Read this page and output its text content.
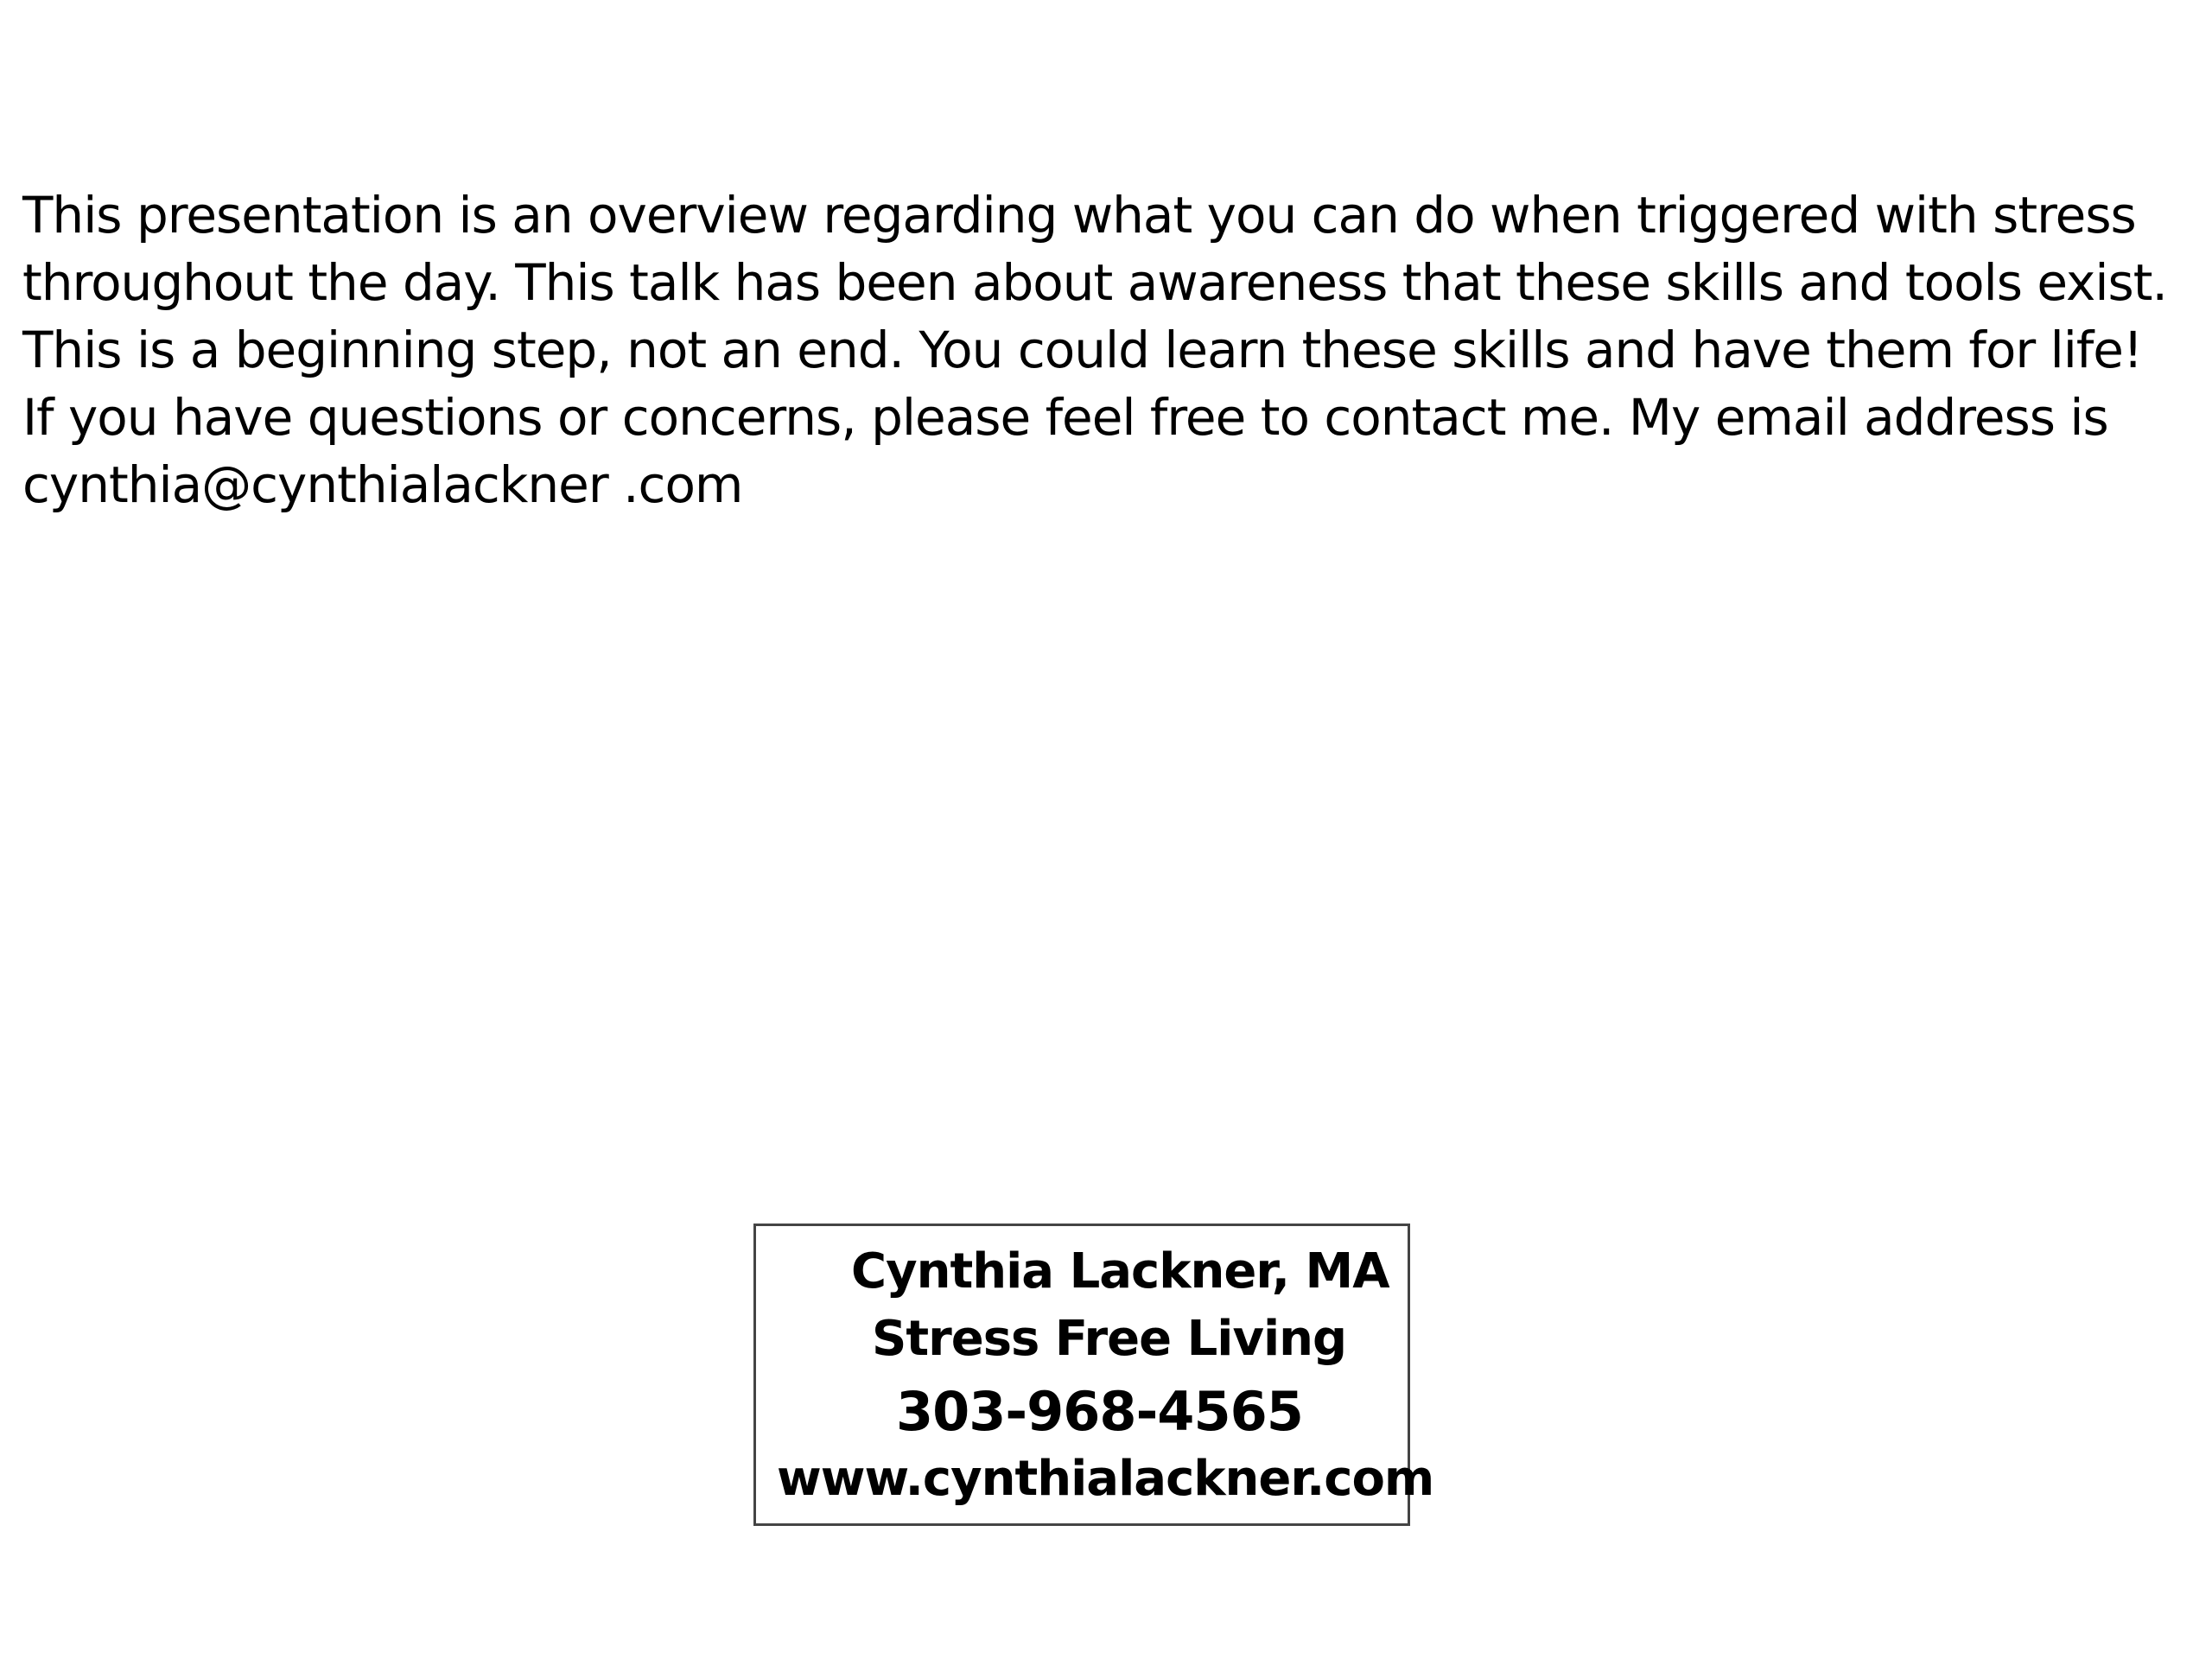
This presentation is an overview regarding what you can do when triggered with stress
throughout the day. This talk has been about awareness that these skills and tools exist.
This is a beginning step, not an end. You could learn these skills and have them for life!
If you have questions or concerns, please feel free to contact me. My email address is
cynthia@cynthialackner .com
Cynthia Lackner, MA
Stress Free Living
303-968-4565
www.cynthialackner.com
